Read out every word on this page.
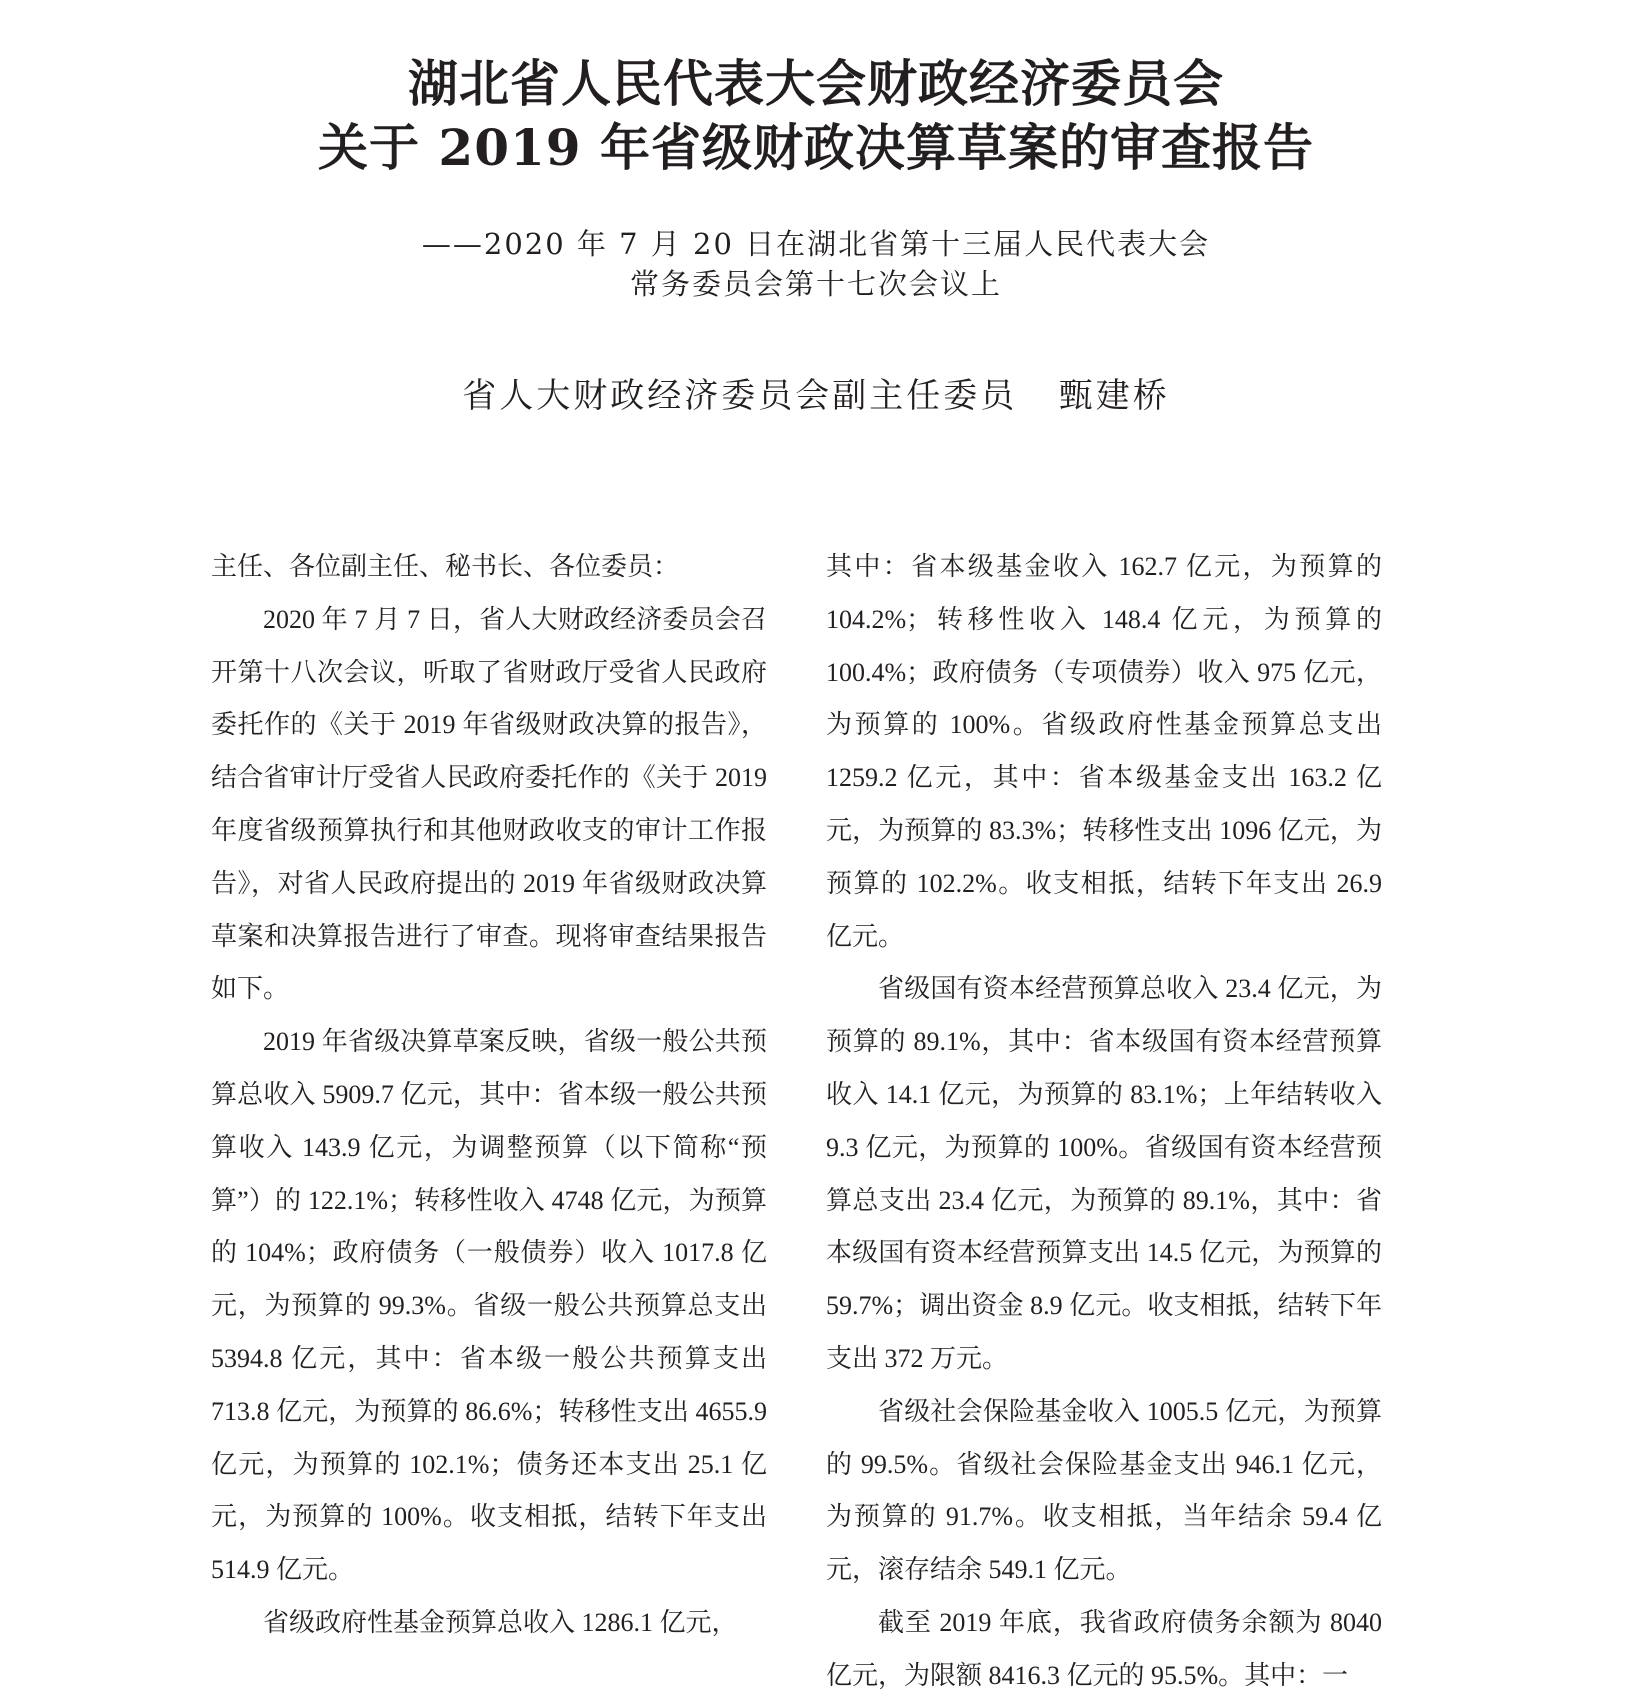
湖北省人民代表大会财政经济委员会
关于 2019 年省级财政决算草案的审查报告
——2020 年 7 月 20 日在湖北省第十三届人民代表大会
常务委员会第十七次会议上
省人大财政经济委员会副主任委员   甄建桥

主任、各位副主任、秘书长、各位委员：

2020 年 7 月 7 日，省人大财政经济委员会召开第十八次会议，听取了省财政厅受省人民政府委托作的《关于 2019 年省级财政决算的报告》，结合省审计厅受省人民政府委托作的《关于 2019 年度省级预算执行和其他财政收支的审计工作报告》，对省人民政府提出的 2019 年省级财政决算草案和决算报告进行了审查。现将审查结果报告如下。

2019 年省级决算草案反映，省级一般公共预算总收入 5909.7 亿元，其中：省本级一般公共预算收入 143.9 亿元，为调整预算（以下简称“预算”）的 122.1%；转移性收入 4748 亿元，为预算的 104%；政府债务（一般债券）收入 1017.8 亿元，为预算的 99.3%。省级一般公共预算总支出 5394.8 亿元，其中：省本级一般公共预算支出 713.8 亿元，为预算的 86.6%；转移性支出 4655.9 亿元，为预算的 102.1%；债务还本支出 25.1 亿元，为预算的 100%。收支相抵，结转下年支出 514.9 亿元。

省级政府性基金预算总收入 1286.1 亿元，

其中：省本级基金收入 162.7 亿元，为预算的 104.2%；转移性收入 148.4 亿元，为预算的 100.4%；政府债务（专项债券）收入 975 亿元，为预算的 100%。省级政府性基金预算总支出 1259.2 亿元，其中：省本级基金支出 163.2 亿元，为预算的 83.3%；转移性支出 1096 亿元，为预算的 102.2%。收支相抵，结转下年支出 26.9 亿元。

省级国有资本经营预算总收入 23.4 亿元，为预算的 89.1%，其中：省本级国有资本经营预算收入 14.1 亿元，为预算的 83.1%；上年结转收入 9.3 亿元，为预算的 100%。省级国有资本经营预算总支出 23.4 亿元，为预算的 89.1%，其中：省本级国有资本经营预算支出 14.5 亿元，为预算的 59.7%；调出资金 8.9 亿元。收支相抵，结转下年支出 372 万元。

省级社会保险基金收入 1005.5 亿元，为预算的 99.5%。省级社会保险基金支出 946.1 亿元，为预算的 91.7%。收支相抵，当年结余 59.4 亿元，滚存结余 549.1 亿元。

截至 2019 年底，我省政府债务余额为 8040 亿元，为限额 8416.3 亿元的 95.5%。其中：一
